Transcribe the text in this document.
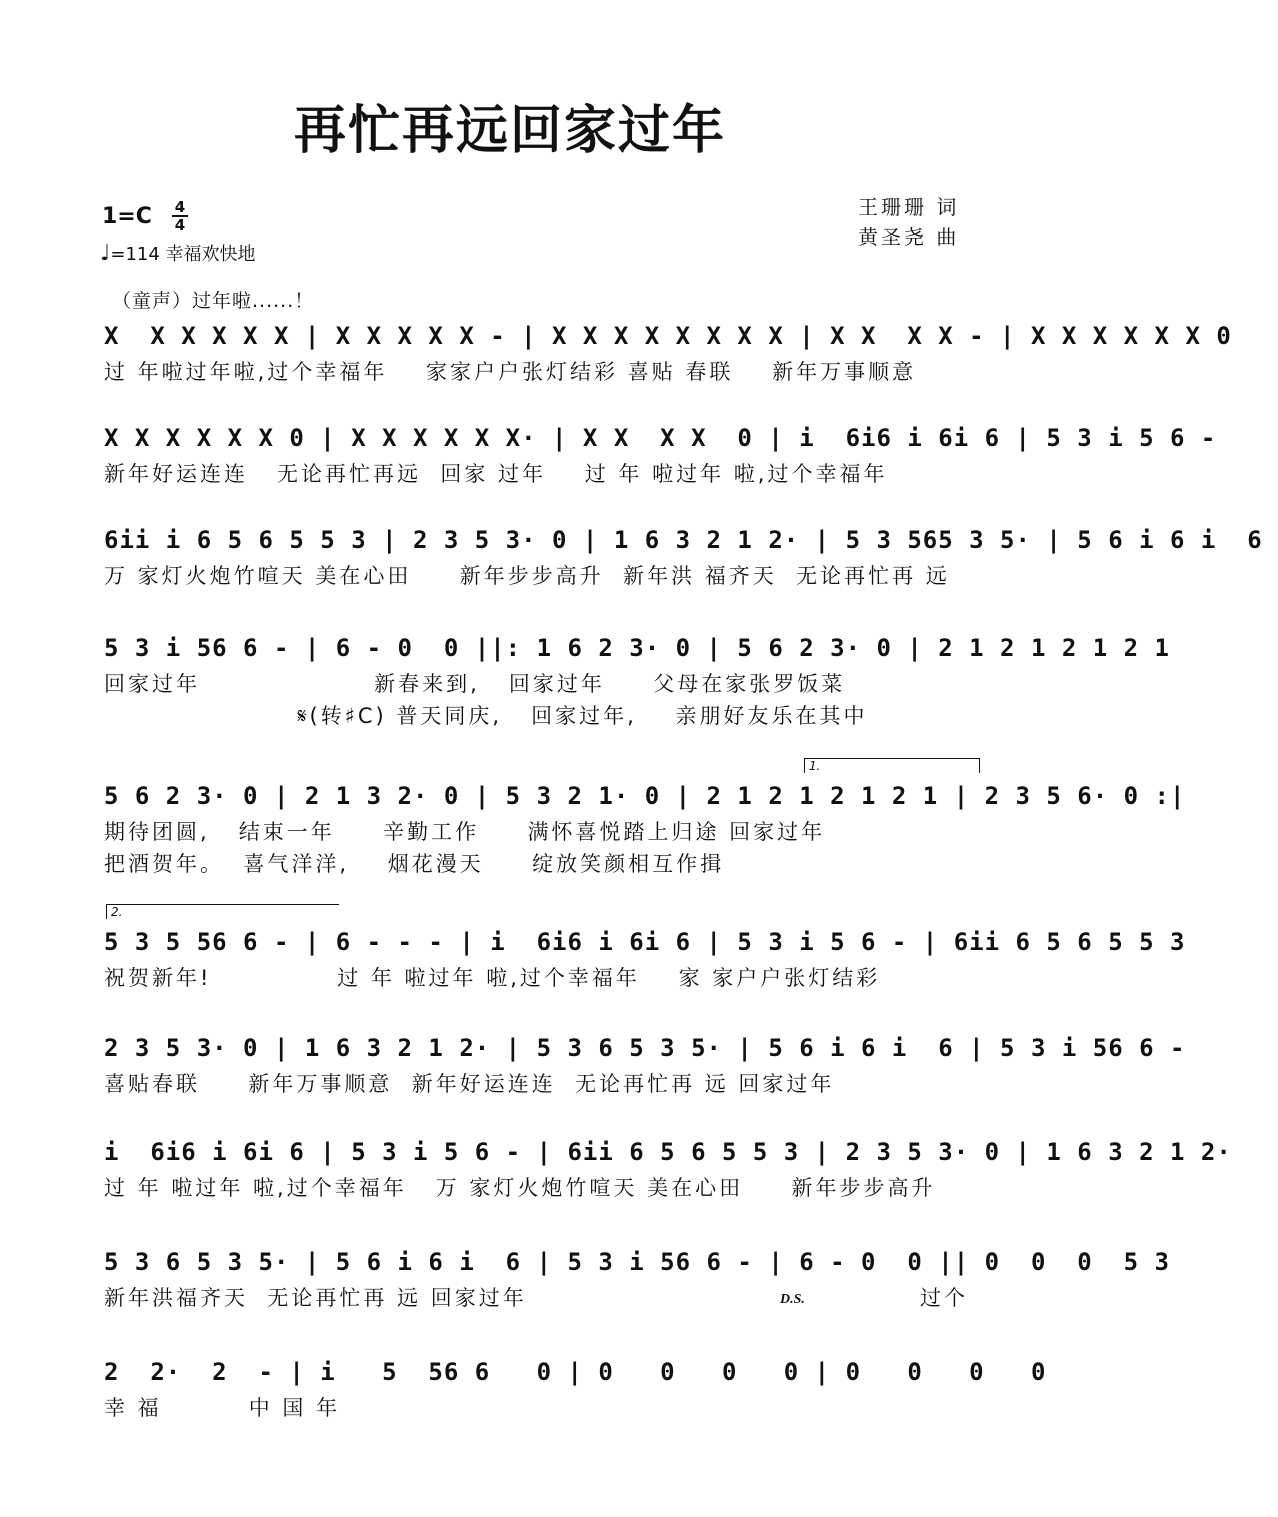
再忙再远回家过年
1=C 4
4
♩=114 幸福欢快地
王珊珊 词
黄圣尧 曲
（童声）过年啦......！
X  X X X X X | X X X X X - | X X X X X X X X | X X  X X - | X X X X X X 0
过 年啦过年啦,过个幸福年    家家户户张灯结彩 喜贴 春联    新年万事顺意
X X X X X X 0 | X X X X X X· | X X  X X  0 | i  6i6 i 6i 6 | 5 3 i 5 6 -
新年好运连连   无论再忙再远  回家 过年    过 年 啦过年 啦,过个幸福年
6ii i 6 5 6 5 5 3 | 2 3 5 3· 0 | 1 6 3 2 1 2· | 5 3 565 3 5· | 5 6 i 6 i  6
万 家灯火炮竹喧天 美在心田     新年步步高升  新年洪 福齐天  无论再忙再 远
5 3 i 56 6 - | 6 - 0  0 ||: 1 6 2 3· 0 | 5 6 2 3· 0 | 2 1 2 1 2 1 2 1
回家过年                  新春来到,   回家过年     父母在家张罗饭菜
𝄋(转♯C) 普天同庆,   回家过年,    亲朋好友乐在其中
1.
5 6 2 3· 0 | 2 1 3 2· 0 | 5 3 2 1· 0 | 2 1 2 1 2 1 2 1 | 2 3 5 6· 0 :|
期待团圆,   结束一年     辛勤工作     满怀喜悦踏上归途 回家过年
把酒贺年。  喜气洋洋,    烟花漫天     绽放笑颜相互作揖
2.
5 3 5 56 6 - | 6 - - - | i  6i6 i 6i 6 | 5 3 i 5 6 - | 6ii 6 5 6 5 5 3
祝贺新年!             过 年 啦过年 啦,过个幸福年    家 家户户张灯结彩
2 3 5 3· 0 | 1 6 3 2 1 2· | 5 3 6 5 3 5· | 5 6 i 6 i  6 | 5 3 i 56 6 -
喜贴春联     新年万事顺意  新年好运连连  无论再忙再 远 回家过年
i  6i6 i 6i 6 | 5 3 i 5 6 - | 6ii 6 5 6 5 5 3 | 2 3 5 3· 0 | 1 6 3 2 1 2·
过 年 啦过年 啦,过个幸福年   万 家灯火炮竹喧天 美在心田     新年步步高升
5 3 6 5 3 5· | 5 6 i 6 i  6 | 5 3 i 56 6 - | 6 - 0  0 || 0  0  0  5 3
新年洪福齐天  无论再忙再 远 回家过年	D.S.	过个
2  2·  2  - | i   5  56 6   0 | 0   0   0   0 | 0   0   0   0
幸 福         中 国 年
